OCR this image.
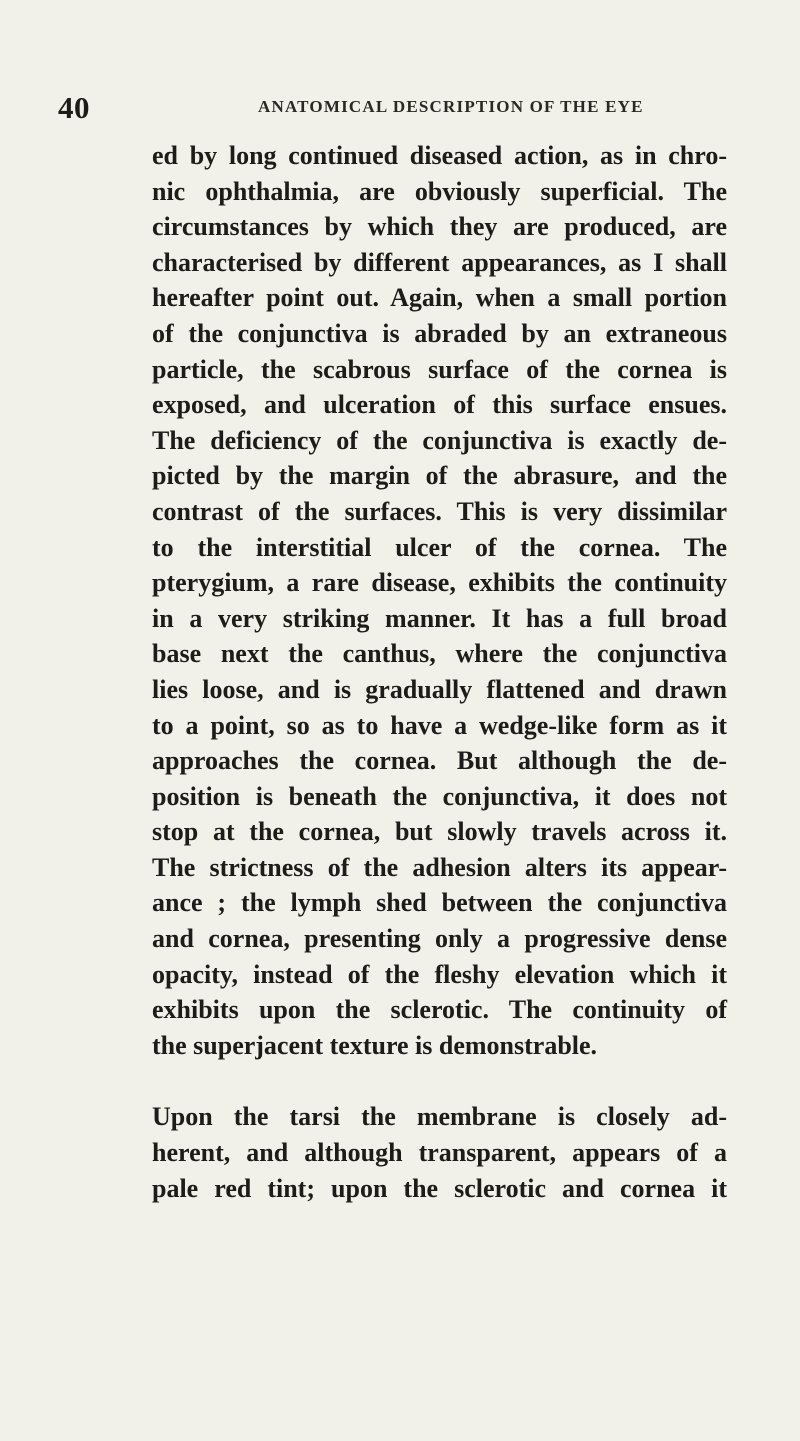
40	ANATOMICAL DESCRIPTION OF THE EYE
ed by long continued diseased action, as in chro-
nic ophthalmia, are obviously superficial. The
circumstances by which they are produced, are
characterised by different appearances, as I shall
hereafter point out. Again, when a small portion
of the conjunctiva is abraded by an extraneous
particle, the scabrous surface of the cornea is
exposed, and ulceration of this surface ensues.
The deficiency of the conjunctiva is exactly de-
picted by the margin of the abrasure, and the
contrast of the surfaces. This is very dissimilar
to the interstitial ulcer of the cornea. The
pterygium, a rare disease, exhibits the continuity
in a very striking manner. It has a full broad
base next the canthus, where the conjunctiva
lies loose, and is gradually flattened and drawn
to a point, so as to have a wedge-like form as it
approaches the cornea. But although the de-
position is beneath the conjunctiva, it does not
stop at the cornea, but slowly travels across it.
The strictness of the adhesion alters its appear-
ance ; the lymph shed between the conjunctiva
and cornea, presenting only a progressive dense
opacity, instead of the fleshy elevation which it
exhibits upon the sclerotic. The continuity of
the superjacent texture is demonstrable.
Upon the tarsi the membrane is closely ad-
herent, and although transparent, appears of a
pale red tint; upon the sclerotic and cornea it
